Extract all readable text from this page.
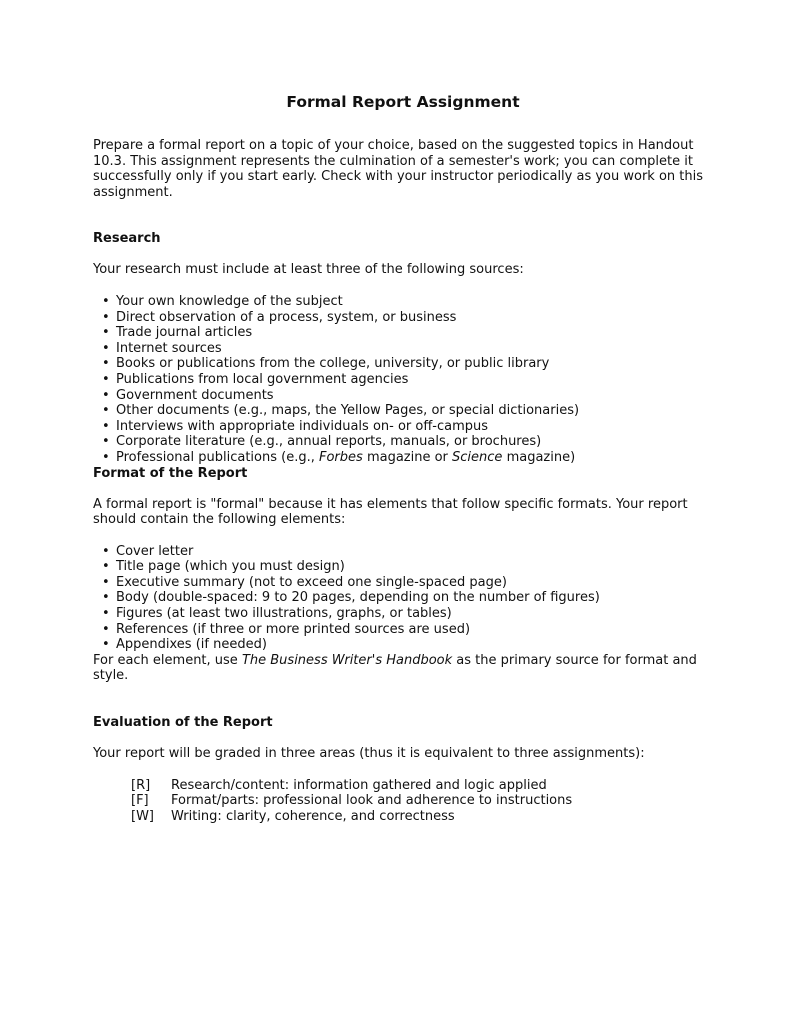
Formal Report Assignment

Prepare a formal report on a topic of your choice, based on the suggested topics in Handout 10.3. This assignment represents the culmination of a semester's work; you can complete it successfully only if you start early. Check with your instructor periodically as you work on this assignment.

Research

Your research must include at least three of the following sources:

• Your own knowledge of the subject
• Direct observation of a process, system, or business
• Trade journal articles
• Internet sources
• Books or publications from the college, university, or public library
• Publications from local government agencies
• Government documents
• Other documents (e.g., maps, the Yellow Pages, or special dictionaries)
• Interviews with appropriate individuals on- or off-campus
• Corporate literature (e.g., annual reports, manuals, or brochures)
• Professional publications (e.g., Forbes magazine or Science magazine)
Format of the Report

A formal report is "formal" because it has elements that follow specific formats. Your report should contain the following elements:

• Cover letter
• Title page (which you must design)
• Executive summary (not to exceed one single-spaced page)
• Body (double-spaced: 9 to 20 pages, depending on the number of figures)
• Figures (at least two illustrations, graphs, or tables)
• References (if three or more printed sources are used)
• Appendixes (if needed)

For each element, use The Business Writer's Handbook as the primary source for format and style.

Evaluation of the Report

Your report will be graded in three areas (thus it is equivalent to three assignments):

[R]	Research/content: information gathered and logic applied
[F]	Format/parts: professional look and adherence to instructions
[W]	Writing: clarity, coherence, and correctness
